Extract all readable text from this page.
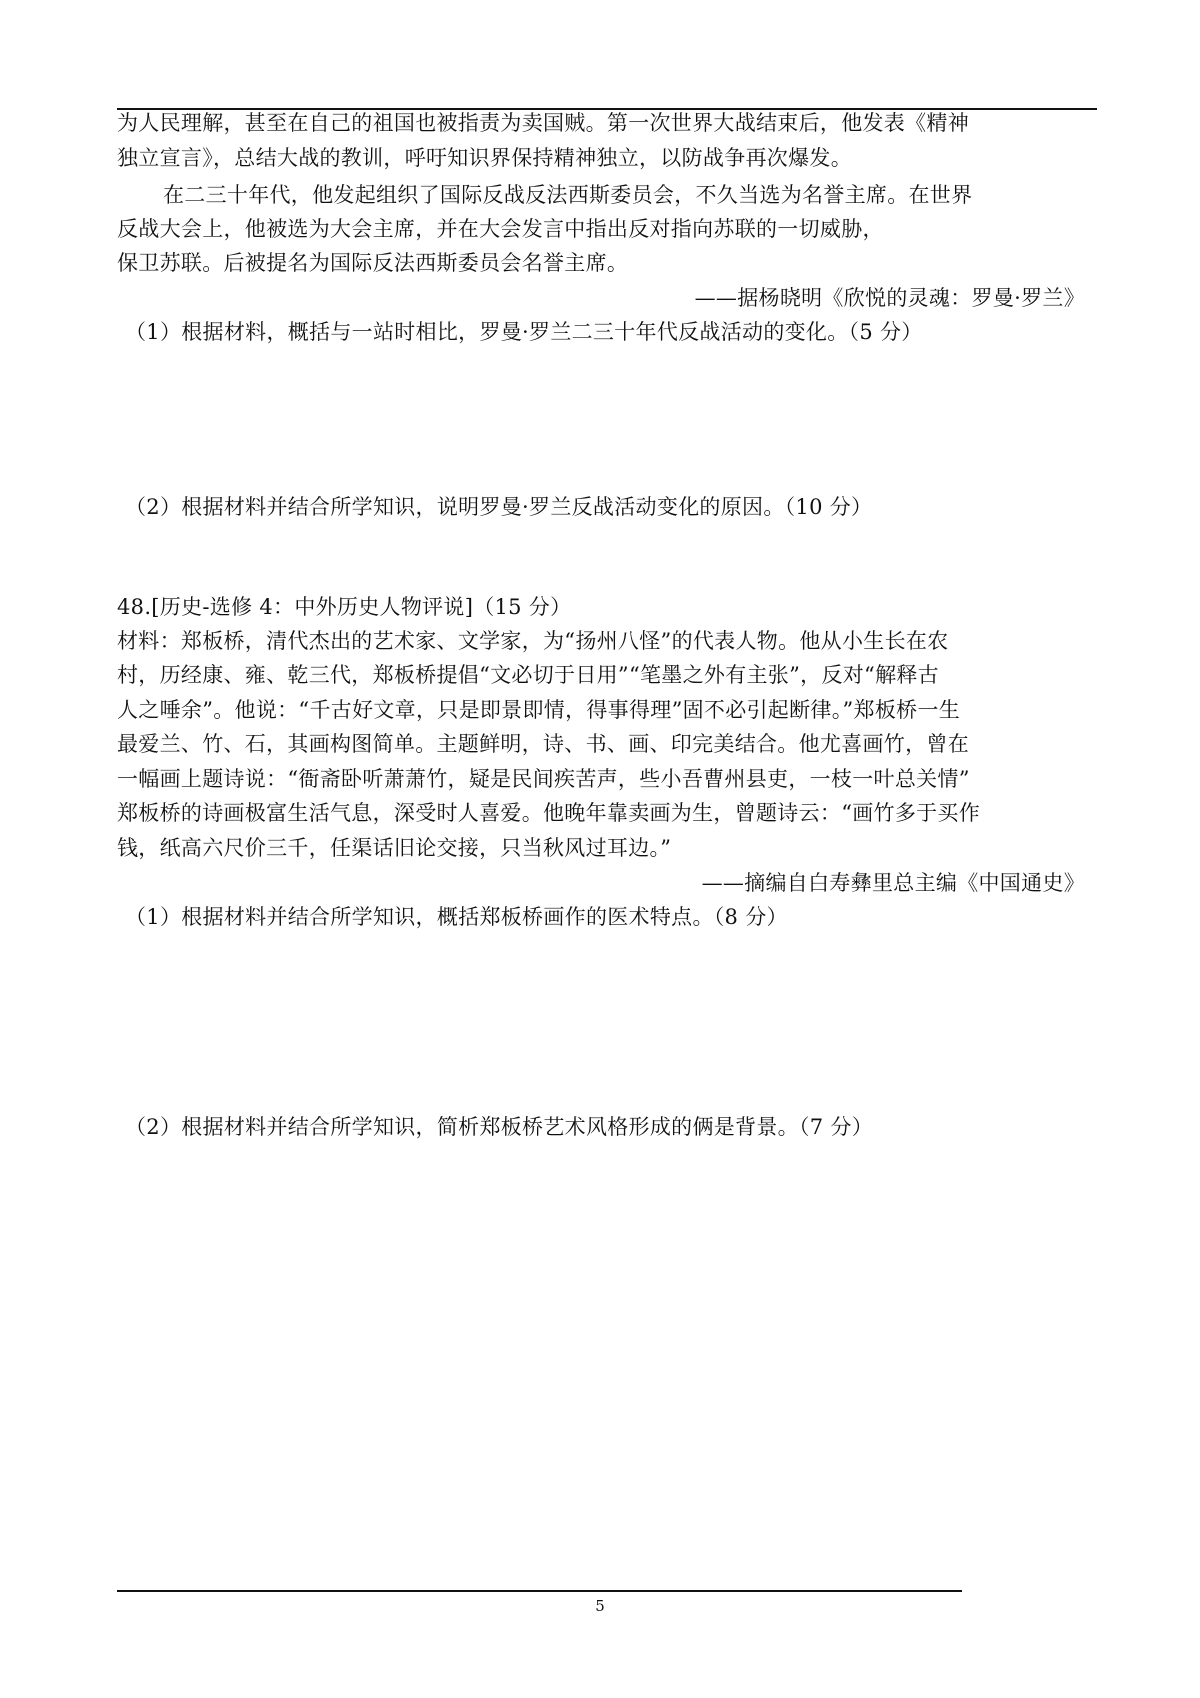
为人民理解，甚至在自己的祖国也被指责为卖国贼。第一次世界大战结束后，他发表《精神
独立宣言》，总结大战的教训，呼吁知识界保持精神独立，以防战争再次爆发。
在二三十年代，他发起组织了国际反战反法西斯委员会，不久当选为名誉主席。在世界
反战大会上，他被选为大会主席，并在大会发言中指出反对指向苏联的一切威胁，
保卫苏联。后被提名为国际反法西斯委员会名誉主席。
——据杨晓明《欣悦的灵魂：罗曼·罗兰》
（1）根据材料，概括与一站时相比，罗曼·罗兰二三十年代反战活动的变化。（5 分）
（2）根据材料并结合所学知识，说明罗曼·罗兰反战活动变化的原因。（10 分）
48.[历史-选修 4：中外历史人物评说]（15 分）
材料：郑板桥，清代杰出的艺术家、文学家，为“扬州八怪”的代表人物。他从小生长在农
村，历经康、雍、乾三代，郑板桥提倡“文必切于日用”“笔墨之外有主张”，反对“解释古
人之唾余”。他说：“千古好文章，只是即景即情，得事得理”固不必引起断律。”郑板桥一生
最爱兰、竹、石，其画构图简单。主题鲜明，诗、书、画、印完美结合。他尤喜画竹，曾在
一幅画上题诗说：“衙斋卧听萧萧竹，疑是民间疾苦声，些小吾曹州县吏，一枝一叶总关情”
郑板桥的诗画极富生活气息，深受时人喜爱。他晚年靠卖画为生，曾题诗云：“画竹多于买作
钱，纸高六尺价三千，任渠话旧论交接，只当秋风过耳边。”
——摘编自白寿彝里总主编《中国通史》
（1）根据材料并结合所学知识，概括郑板桥画作的医术特点。（8 分）
（2）根据材料并结合所学知识，简析郑板桥艺术风格形成的俩是背景。（7 分）
5
